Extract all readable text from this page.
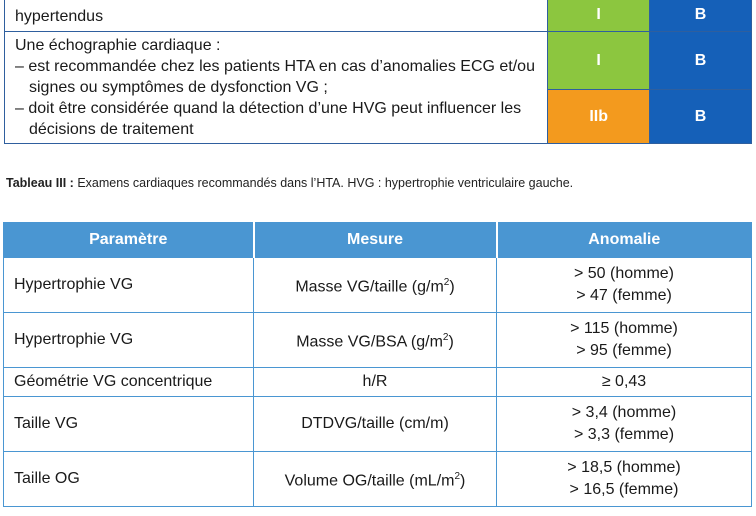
hypertendus	I	B

Une échographie cardiaque :
– est recommandée chez les patients HTA en cas d’anomalies ECG et/ou signes ou symptômes de dysfonction VG ;
– doit être considérée quand la détection d’une HVG peut influencer les décisions de traitement	I	B
	IIb	B
Tableau III : Examens cardiaques recommandés dans l’HTA. HVG : hypertrophie ventriculaire gauche.
Paramètre	Mesure	Anomalie
Hypertrophie VG	Masse VG/taille $(g/m^2)$	> 50 (homme)
> 47 (femme)

Hypertrophie VG	Masse VG/BSA $(g/m^2)$	> 115 (homme)
> 95 (femme)

Géométrie VG concentrique	h/R	≥ 0,43

Taille VG	DTDVG/taille (cm/m)	> 3,4 (homme)
> 3,3 (femme)

Taille OG	Volume OG/taille $(mL/m^2)$	> 18,5 (homme)
> 16,5 (femme)
